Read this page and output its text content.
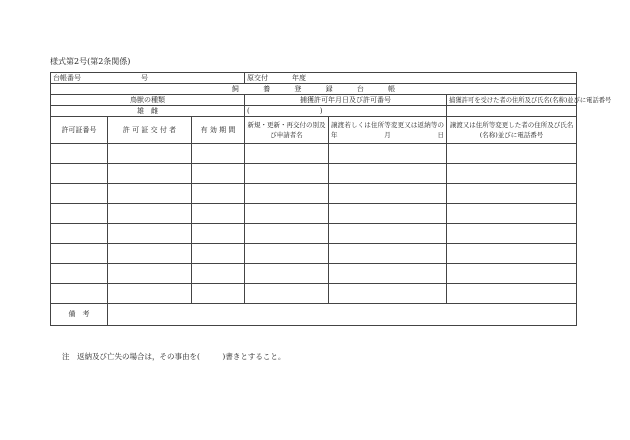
様式第2号(第2条関係)
台帳番号 号			原交付 年度		
飼 養 登 録 台 帳					
鳥獣の種類			捕獲許可年月日及び許可番号		捕獲許可を受けた者の住所及び氏名(名称)並びに電話番号
雄　雌			( )		
許可証番号	許 可 証 交 付 者	有 効 期 間	新規・更新・再交付の別及び申請者名	譲渡若しくは住所等変更又は返納等の年月日	譲渡又は住所等変更した者の住所及び氏名(名称)並びに電話番号

備　考					
注　返納及び亡失の場合は，その事由を(　　　)書きとすること。
